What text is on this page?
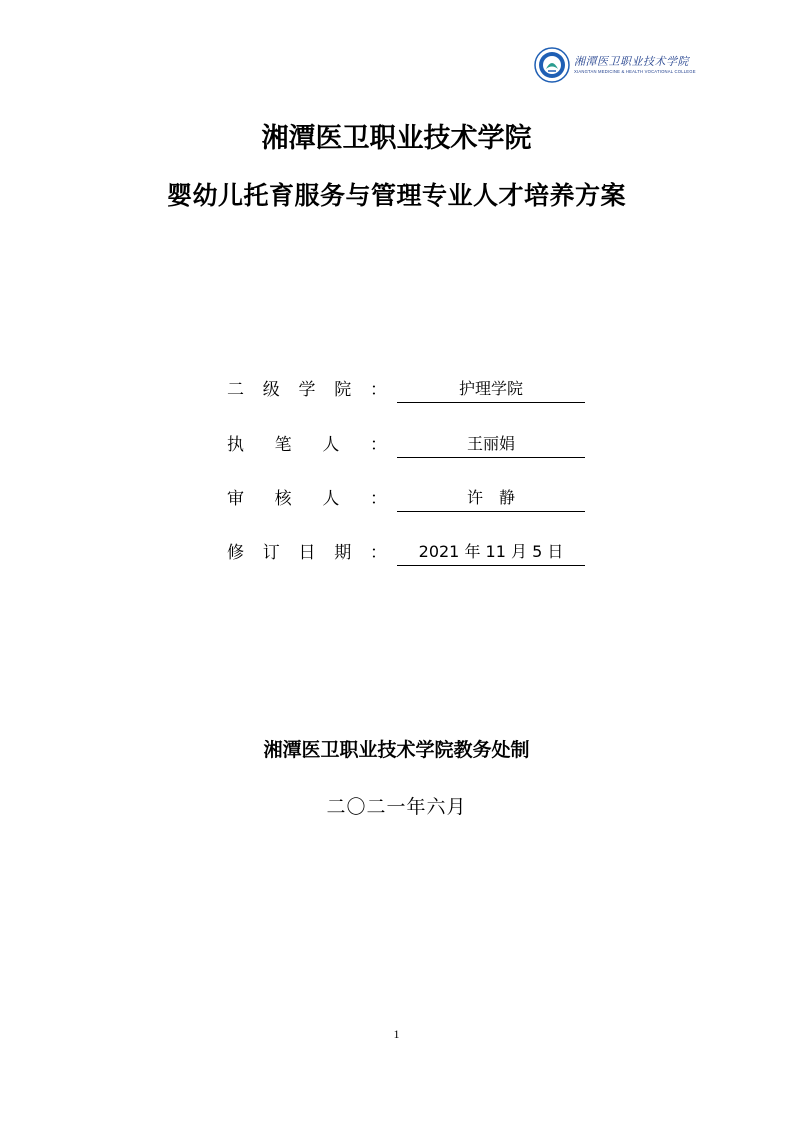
湘潭医卫职业技术学院
XIANGTAN MEDICINE & HEALTH VOCATIONAL COLLEGE
湘潭医卫职业技术学院
婴幼儿托育服务与管理专业人才培养方案
二 级 学 院 ：	护理学院
执 笔 人 ：	王丽娟
审 核 人 ：	许　静
修 订 日 期 ：	2021 年 11 月 5 日
湘潭医卫职业技术学院教务处制
二〇二一年六月
1
